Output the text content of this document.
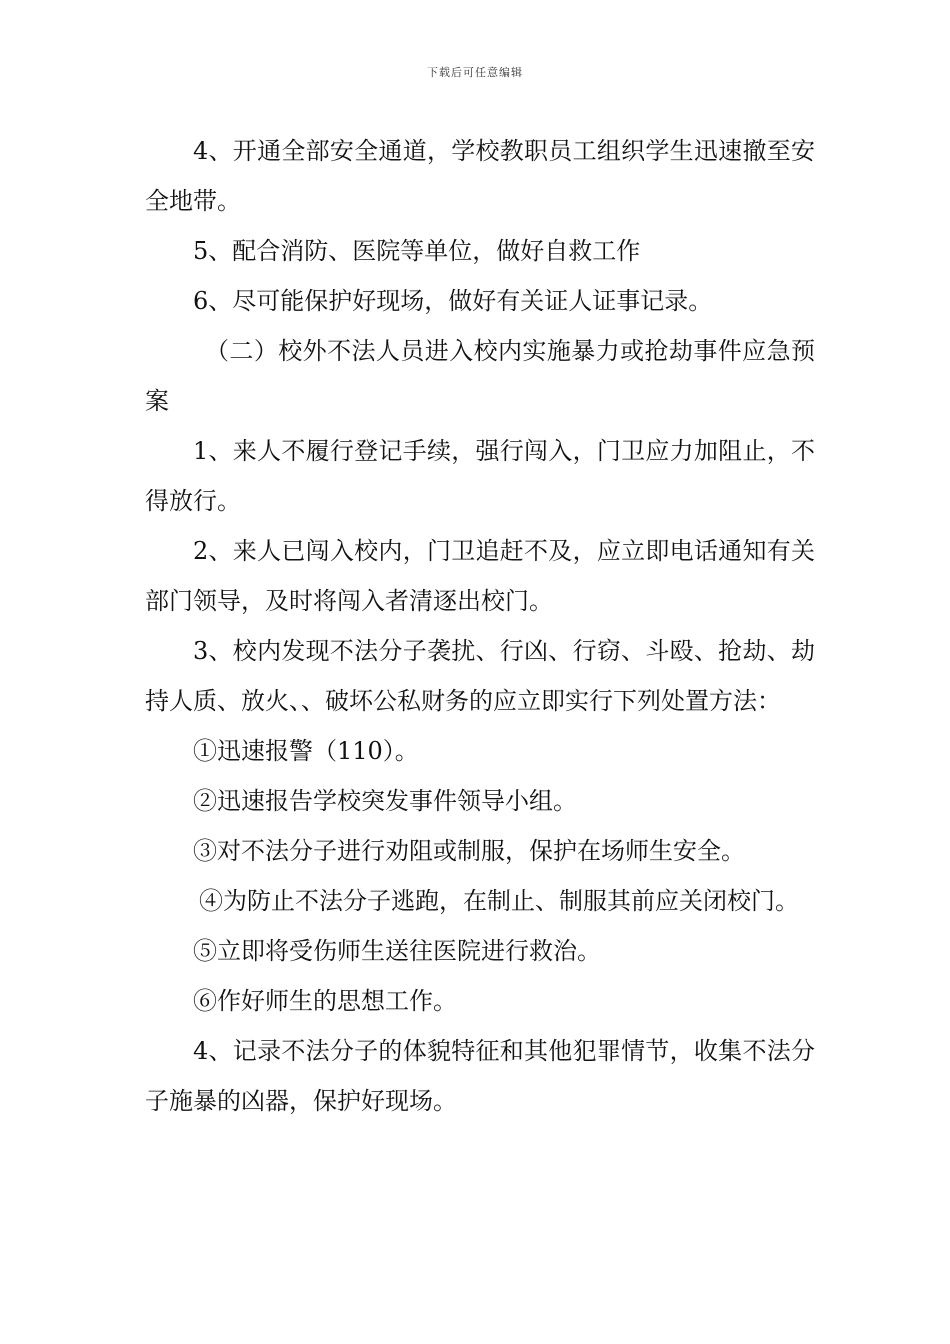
下载后可任意编辑

4、开通全部安全通道，学校教职员工组织学生迅速撤至安全地带。

5、配合消防、医院等单位，做好自救工作

6、尽可能保护好现场，做好有关证人证事记录。

（二）校外不法人员进入校内实施暴力或抢劫事件应急预案

1、来人不履行登记手续，强行闯入，门卫应力加阻止，不得放行。

2、来人已闯入校内，门卫追赶不及，应立即电话通知有关部门领导，及时将闯入者清逐出校门。

3、校内发现不法分子袭扰、行凶、行窃、斗殴、抢劫、劫持人质、放火、、破坏公私财务的应立即实行下列处置方法：

①迅速报警（110）。

②迅速报告学校突发事件领导小组。

③对不法分子进行劝阻或制服，保护在场师生安全。

④为防止不法分子逃跑，在制止、制服其前应关闭校门。

⑤立即将受伤师生送往医院进行救治。

⑥作好师生的思想工作。

4、记录不法分子的体貌特征和其他犯罪情节，收集不法分子施暴的凶器，保护好现场。
